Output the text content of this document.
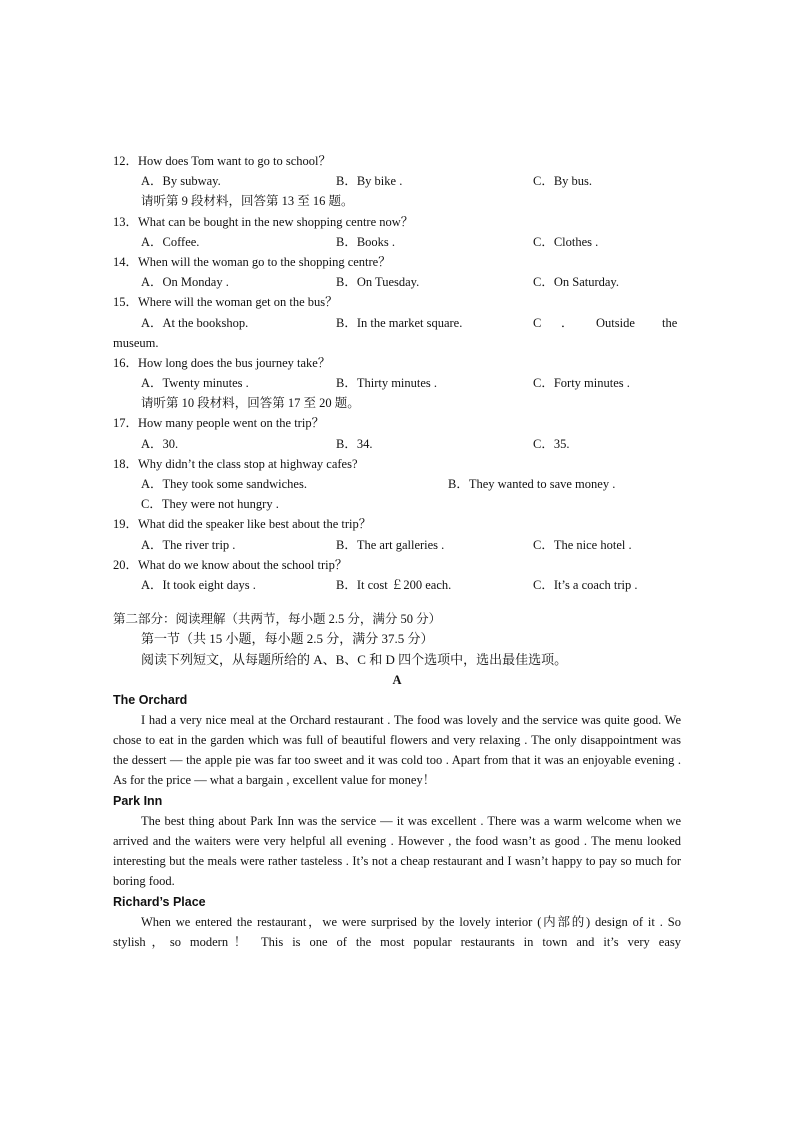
12．How does Tom want to go to school？
A．By subway.	B．By bike .	C．By bus.
请听第 9 段材料，回答第 13 至 16 题。
13．What can be bought in the new shopping centre now？
A．Coffee.	B．Books .	C．Clothes .
14．When will the woman go to the shopping centre？
A．On Monday .	B．On Tuesday.	C．On Saturday.
15．Where will the woman get on the bus？
A．At the bookshop.	B．In the market square.	C ． Outside the
museum.
16．How long does the bus journey take？
A．Twenty minutes .	B．Thirty minutes .	C．Forty minutes .
请听第 10 段材料，回答第 17 至 20 题。
17．How many people went on the trip？
A．30.	B．34.	C．35.
18．Why didn’t the class stop at highway cafes?
A．They took some sandwiches.	B．They wanted to save money .
C．They were not hungry .
19．What did the speaker like best about the trip？
A．The river trip .	B．The art galleries .	C．The nice hotel .
20．What do we know about the school trip？
A．It took eight days .	B．It cost ￡200 each.	C．It’s a coach trip .
第二部分：阅读理解（共两节，每小题 2.5 分，满分 50 分）
第一节（共 15 小题，每小题 2.5 分，满分 37.5 分）
阅读下列短文，从每题所给的 A、B、C 和 D 四个选项中，选出最佳选项。
A
The Orchard
I had a very nice meal at the Orchard restaurant . The food was lovely and the service was quite good. We chose to eat in the garden which was full of beautiful flowers and very relaxing . The only disappointment was the dessert — the apple pie was far too sweet and it was cold too . Apart from that it was an enjoyable evening . As for the price — what a bargain , excellent value for money！
Park Inn
The best thing about Park Inn was the service — it was excellent . There was a warm welcome when we arrived and the waiters were very helpful all evening . However , the food wasn’t as good . The menu looked interesting but the meals were rather tasteless . It’s not a cheap restaurant and I wasn’t happy to pay so much for boring food.
Richard’s Place
When we entered the restaurant，we were surprised by the lovely interior (内部的) design of it . So stylish，so modern！ This is one of the most popular restaurants in town and it’s very easy
